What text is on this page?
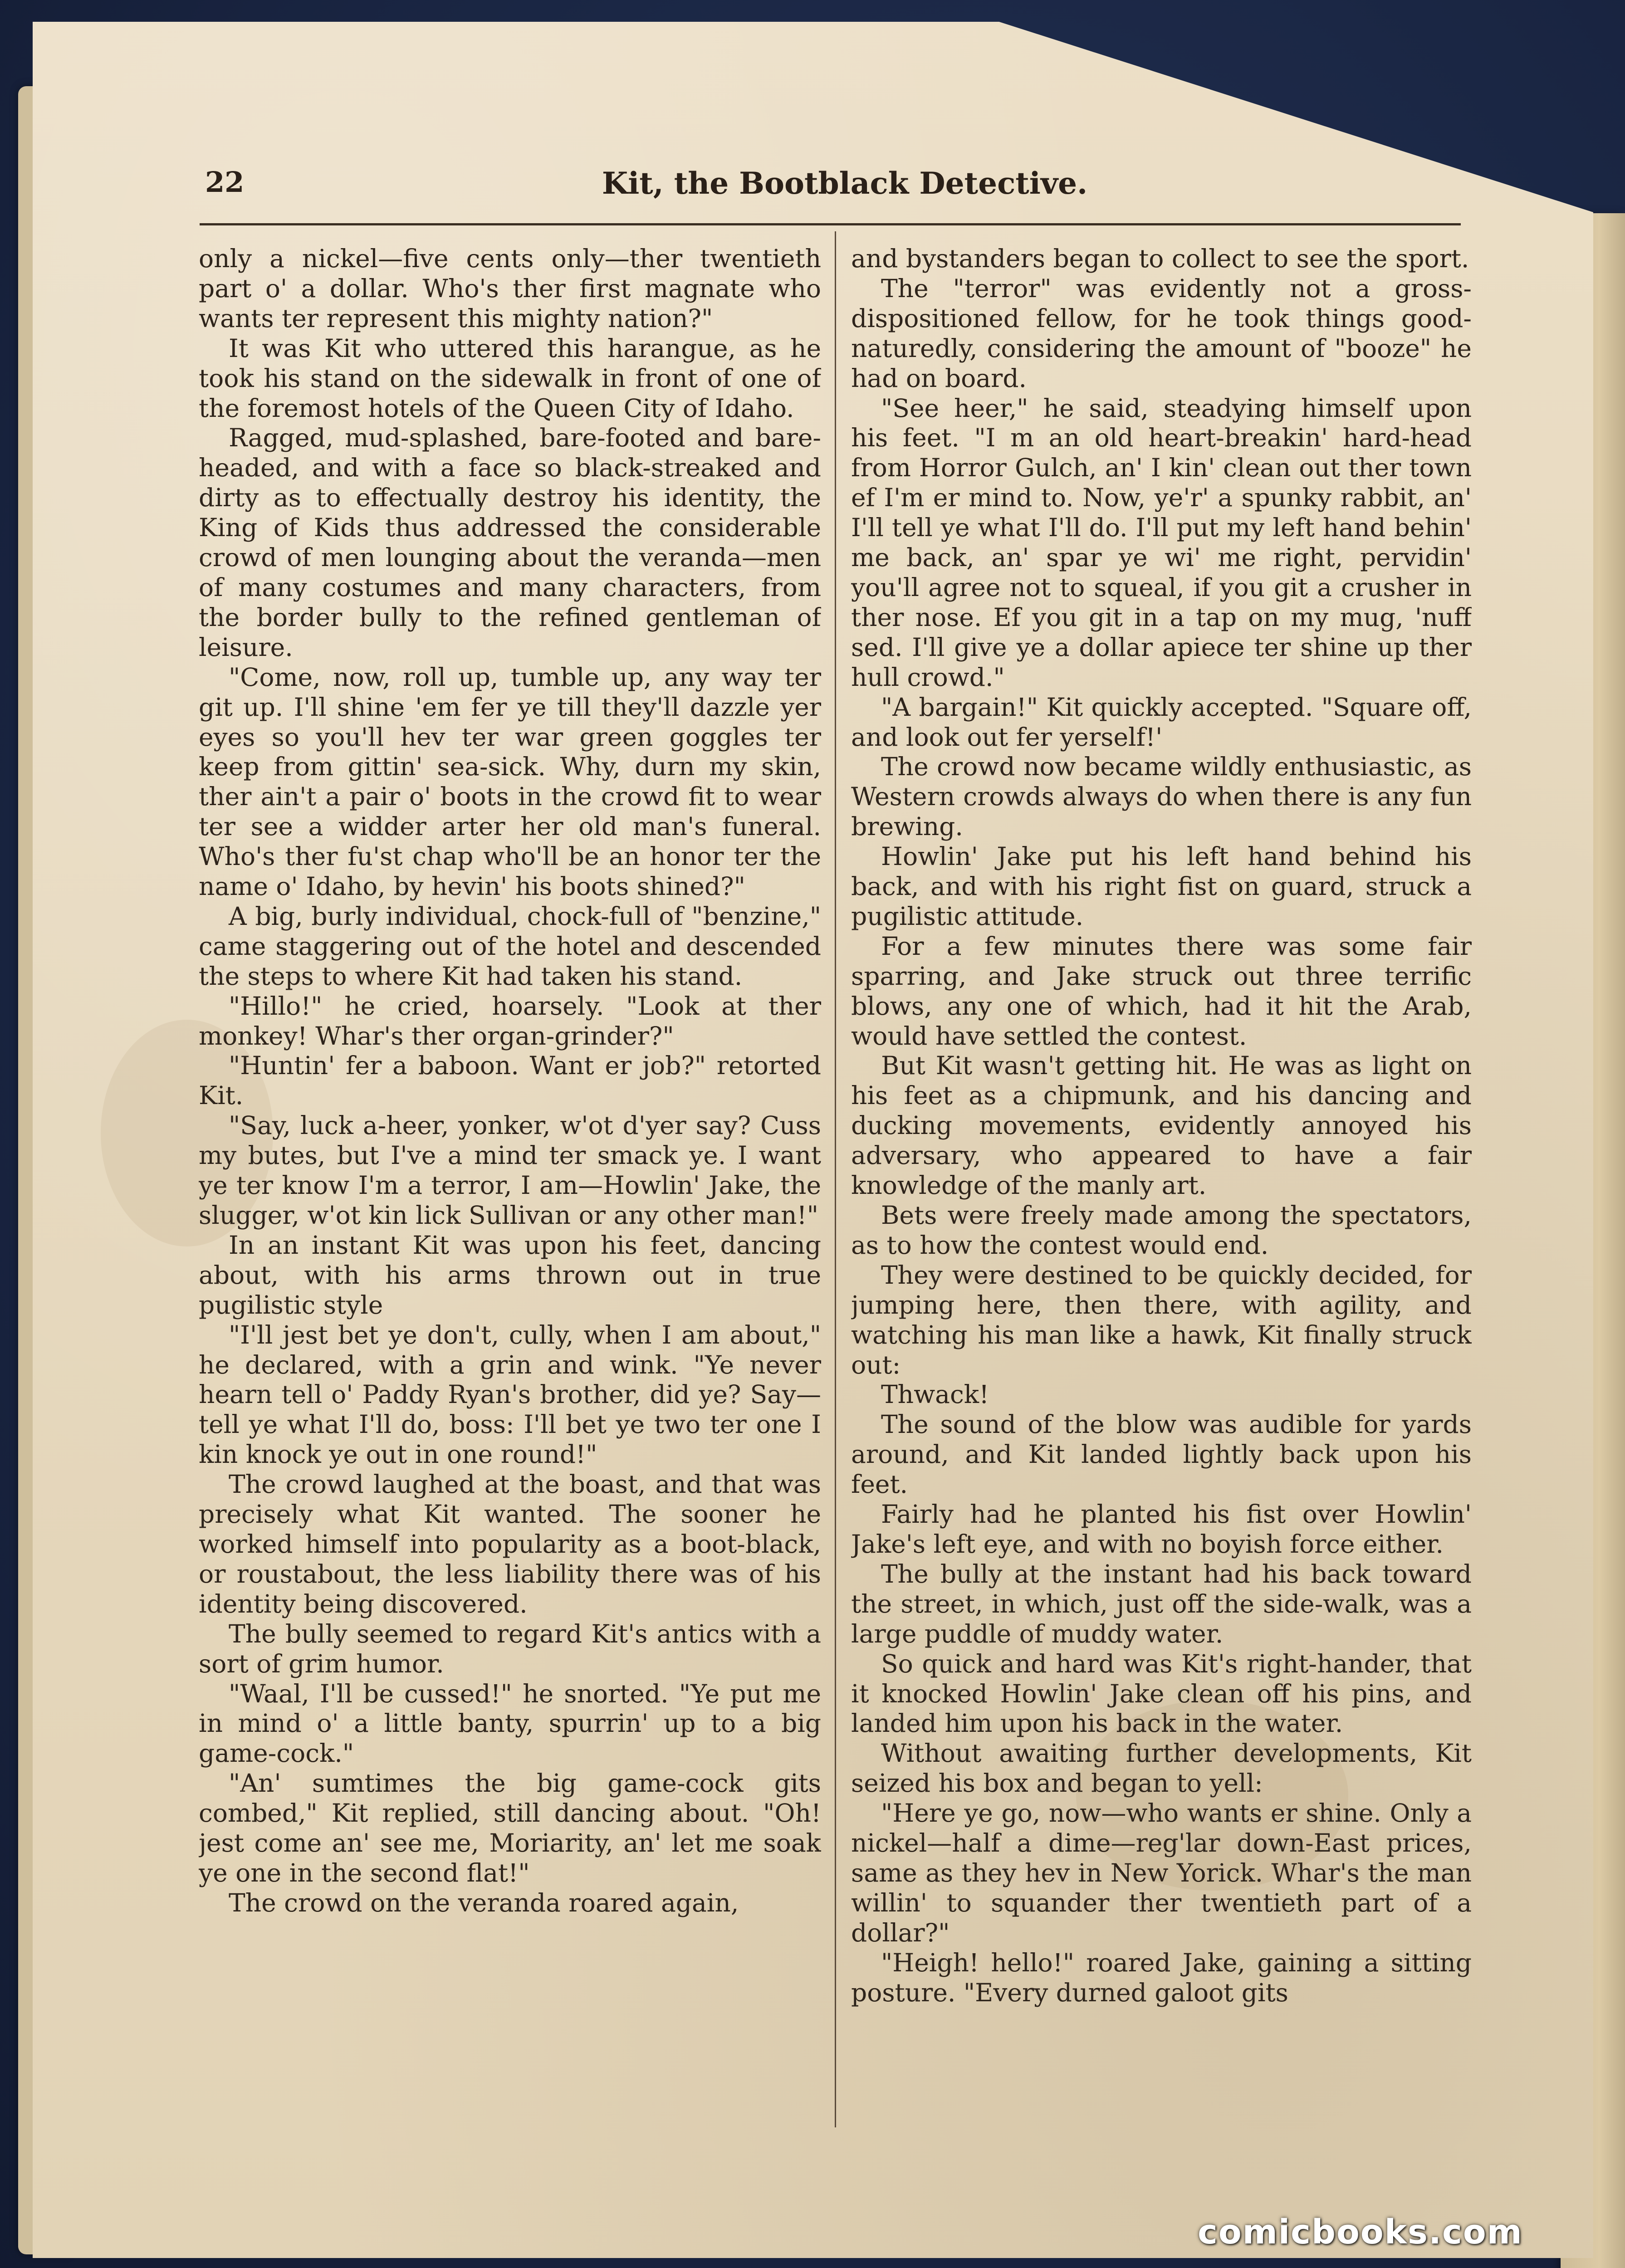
22	Kit, the Bootblack Detective.

only a nickel—five cents only—ther twentieth part o' a dollar. Who's ther first magnate who wants ter represent this mighty nation?"

It was Kit who uttered this harangue, as he took his stand on the sidewalk in front of one of the foremost hotels of the Queen City of Idaho.

Ragged, mud-splashed, bare-footed and bare-headed, and with a face so black-streaked and dirty as to effectually destroy his identity, the King of Kids thus addressed the considerable crowd of men lounging about the veranda—men of many costumes and many characters, from the border bully to the refined gentleman of leisure.

"Come, now, roll up, tumble up, any way ter git up. I'll shine 'em fer ye till they'll dazzle yer eyes so you'll hev ter war green goggles ter keep from gittin' sea-sick. Why, durn my skin, ther ain't a pair o' boots in the crowd fit to wear ter see a widder arter her old man's funeral. Who's ther fu'st chap who'll be an honor ter the name o' Idaho, by hevin' his boots shined?"

A big, burly individual, chock-full of "benzine," came staggering out of the hotel and descended the steps to where Kit had taken his stand.

"Hillo!" he cried, hoarsely. "Look at ther monkey! Whar's ther organ-grinder?"

"Huntin' fer a baboon. Want er job?" retorted Kit.

"Say, luck a-heer, yonker, w'ot d'yer say? Cuss my butes, but I've a mind ter smack ye. I want ye ter know I'm a terror, I am—Howlin' Jake, the slugger, w'ot kin lick Sullivan or any other man!"

In an instant Kit was upon his feet, dancing about, with his arms thrown out in true pugilistic style

"I'll jest bet ye don't, cully, when I am about," he declared, with a grin and wink. "Ye never hearn tell o' Paddy Ryan's brother, did ye? Say—tell ye what I'll do, boss: I'll bet ye two ter one I kin knock ye out in one round!"

The crowd laughed at the boast, and that was precisely what Kit wanted. The sooner he worked himself into popularity as a boot-black, or roustabout, the less liability there was of his identity being discovered.

The bully seemed to regard Kit's antics with a sort of grim humor.

"Waal, I'll be cussed!" he snorted. "Ye put me in mind o' a little banty, spurrin' up to a big game-cock."

"An' sumtimes the big game-cock gits combed," Kit replied, still dancing about. "Oh! jest come an' see me, Moriarity, an' let me soak ye one in the second flat!"

The crowd on the veranda roared again,

and bystanders began to collect to see the sport.

The "terror" was evidently not a gross-dispositioned fellow, for he took things good-naturedly, considering the amount of "booze" he had on board.

"See heer," he said, steadying himself upon his feet. "I m an old heart-breakin' hard-head from Horror Gulch, an' I kin' clean out ther town ef I'm er mind to. Now, ye'r' a spunky rabbit, an' I'll tell ye what I'll do. I'll put my left hand behin' me back, an' spar ye wi' me right, pervidin' you'll agree not to squeal, if you git a crusher in ther nose. Ef you git in a tap on my mug, 'nuff sed. I'll give ye a dollar apiece ter shine up ther hull crowd."

"A bargain!" Kit quickly accepted. "Square off, and look out fer yerself!'

The crowd now became wildly enthusiastic, as Western crowds always do when there is any fun brewing.

Howlin' Jake put his left hand behind his back, and with his right fist on guard, struck a pugilistic attitude.

For a few minutes there was some fair sparring, and Jake struck out three terrific blows, any one of which, had it hit the Arab, would have settled the contest.

But Kit wasn't getting hit. He was as light on his feet as a chipmunk, and his dancing and ducking movements, evidently annoyed his adversary, who appeared to have a fair knowledge of the manly art.

Bets were freely made among the spectators, as to how the contest would end.

They were destined to be quickly decided, for jumping here, then there, with agility, and watching his man like a hawk, Kit finally struck out:

Thwack!

The sound of the blow was audible for yards around, and Kit landed lightly back upon his feet.

Fairly had he planted his fist over Howlin' Jake's left eye, and with no boyish force either.

The bully at the instant had his back toward the street, in which, just off the side-walk, was a large puddle of muddy water.

So quick and hard was Kit's right-hander, that it knocked Howlin' Jake clean off his pins, and landed him upon his back in the water.

Without awaiting further developments, Kit seized his box and began to yell:

"Here ye go, now—who wants er shine. Only a nickel—half a dime—reg'lar down-East prices, same as they hev in New Yorick. Whar's the man willin' to squander ther twentieth part of a dollar?"

"Heigh! hello!" roared Jake, gaining a sitting posture. "Every durned galoot gits

comicbooks.com
